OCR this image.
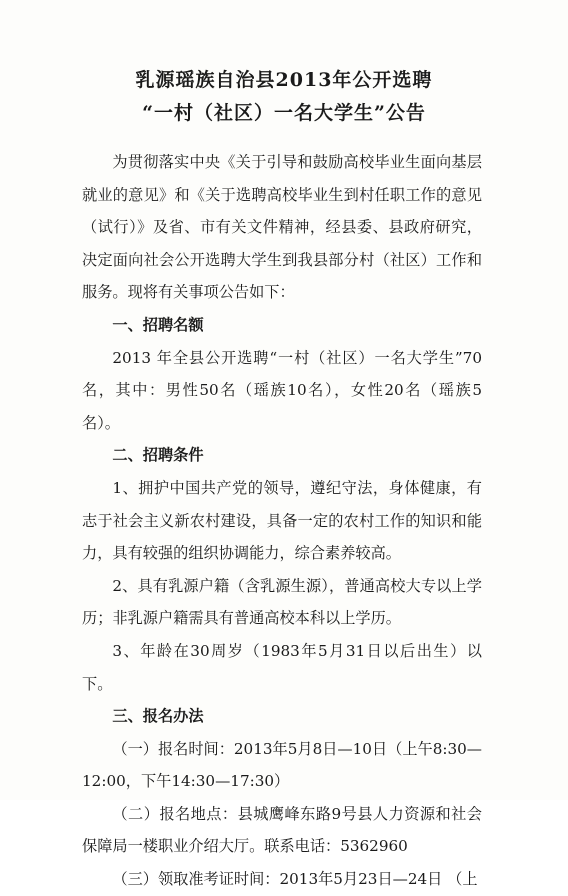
乳源瑶族自治县2013年公开选聘
“一村（社区）一名大学生”公告

为贯彻落实中央《关于引导和鼓励高校毕业生面向基层就业的意见》和《关于选聘高校毕业生到村任职工作的意见（试行）》及省、市有关文件精神，经县委、县政府研究，决定面向社会公开选聘大学生到我县部分村（社区）工作和服务。现将有关事项公告如下：

一、招聘名额

2013 年全县公开选聘“一村（社区）一名大学生”70名，其中：男性50名（瑶族10名），女性20名（瑶族5名）。

二、招聘条件

1、拥护中国共产党的领导，遵纪守法，身体健康，有志于社会主义新农村建设，具备一定的农村工作的知识和能力，具有较强的组织协调能力，综合素养较高。

2、具有乳源户籍（含乳源生源），普通高校大专以上学历；非乳源户籍需具有普通高校本科以上学历。

3、年龄在30周岁（1983年5月31日以后出生）以下。

三、报名办法

（一）报名时间：2013年5月8日—10日（上午8:30—12:00，下午14:30—17:30）

（二）报名地点：县城鹰峰东路9号县人力资源和社会保障局一楼职业介绍大厅。联系电话：5362960

（三）领取准考证时间：2013年5月23日—24日 （上
